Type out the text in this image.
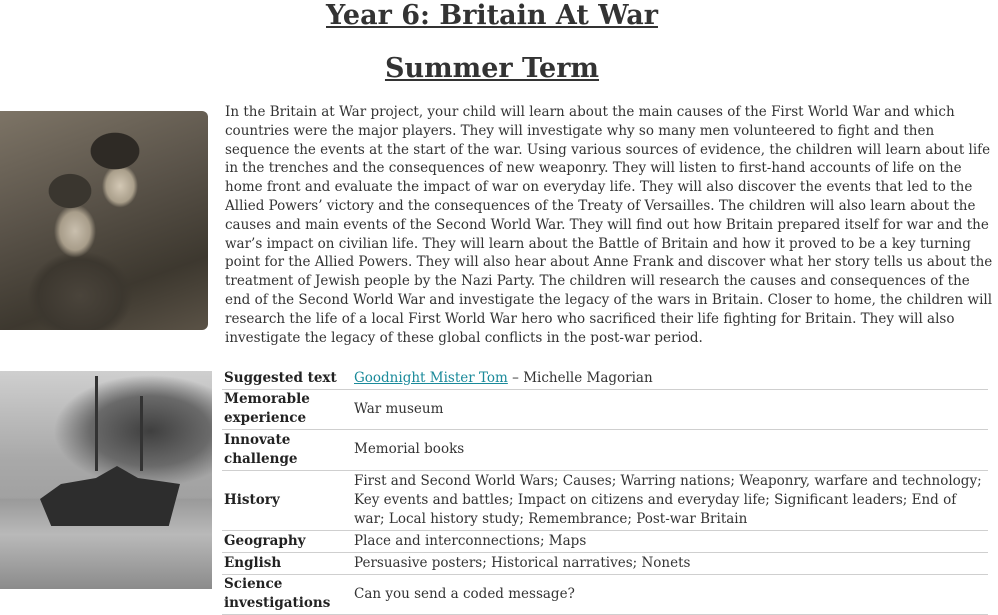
Year 6: Britain At War
Summer Term

In the Britain at War project, your child will learn about the main causes of the First World War and which countries were the major players. They will investigate why so many men volunteered to fight and then sequence the events at the start of the war. Using various sources of evidence, the children will learn about life in the trenches and the consequences of new weaponry. They will listen to first-hand accounts of life on the home front and evaluate the impact of war on everyday life. They will also discover the events that led to the Allied Powers’ victory and the consequences of the Treaty of Versailles. The children will also learn about the causes and main events of the Second World War. They will find out how Britain prepared itself for war and the war’s impact on civilian life. They will learn about the Battle of Britain and how it proved to be a key turning point for the Allied Powers. They will also hear about Anne Frank and discover what her story tells us about the treatment of Jewish people by the Nazi Party. The children will research the causes and consequences of the end of the Second World War and investigate the legacy of the wars in Britain. Closer to home, the children will research the life of a local First World War hero who sacrificed their life fighting for Britain. They will also investigate the legacy of these global conflicts in the post-war period.

Suggested text	Goodnight Mister Tom – Michelle Magorian
Memorable experience	War museum
Innovate challenge	Memorial books
History	First and Second World Wars; Causes; Warring nations; Weaponry, warfare and technology; Key events and battles; Impact on citizens and everyday life; Significant leaders; End of war; Local history study; Remembrance; Post-war Britain
Geography	Place and interconnections; Maps
English	Persuasive posters; Historical narratives; Nonets
Science investigations	Can you send a coded message?
